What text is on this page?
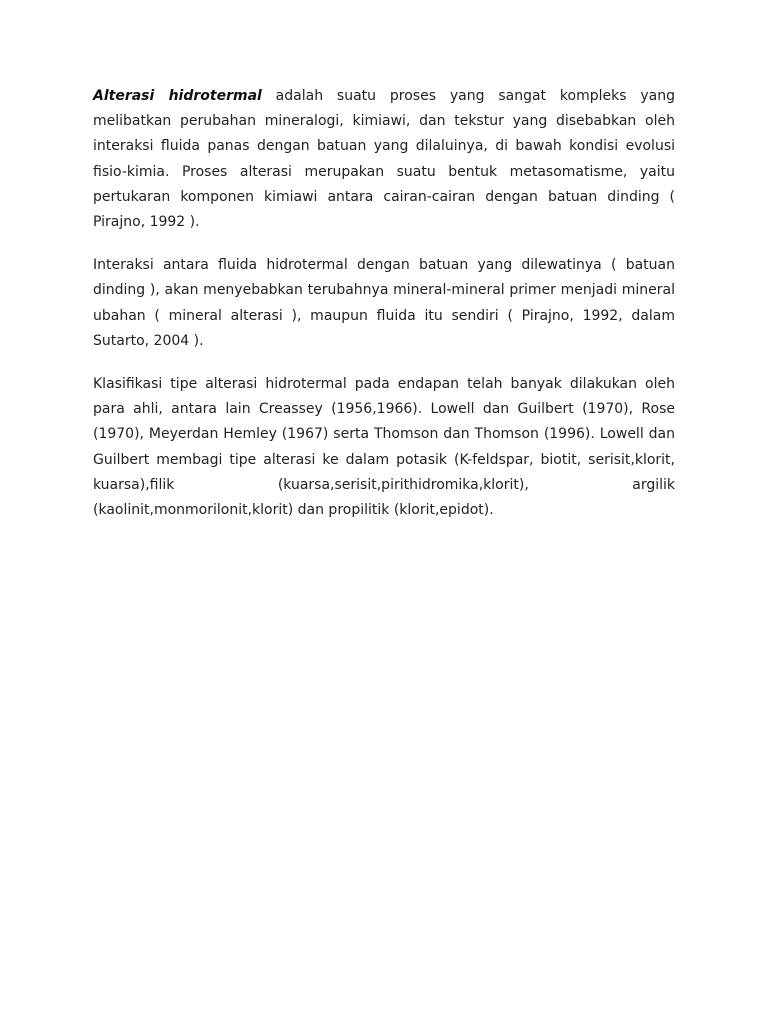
Alterasi hidrotermal adalah suatu proses yang sangat kompleks yang melibatkan perubahan mineralogi, kimiawi, dan tekstur yang disebabkan oleh interaksi fluida panas dengan batuan yang dilaluinya, di bawah kondisi evolusi fisio-kimia. Proses alterasi merupakan suatu bentuk metasomatisme, yaitu pertukaran komponen kimiawi antara cairan-cairan dengan batuan dinding ( Pirajno, 1992 ).

Interaksi antara fluida hidrotermal dengan batuan yang dilewatinya ( batuan dinding ), akan menyebabkan terubahnya mineral-mineral primer menjadi mineral ubahan ( mineral alterasi ), maupun fluida itu sendiri ( Pirajno, 1992, dalam Sutarto, 2004 ).

Klasifikasi tipe alterasi hidrotermal pada endapan telah banyak dilakukan oleh para ahli, antara lain Creassey (1956,1966). Lowell dan Guilbert (1970), Rose (1970), Meyerdan Hemley (1967) serta Thomson dan Thomson (1996). Lowell dan Guilbert membagi tipe alterasi ke dalam potasik (K-feldspar, biotit, serisit,klorit, kuarsa),filik (kuarsa,serisit,pirithidromika,klorit), argilik (kaolinit,monmorilonit,klorit) dan propilitik (klorit,epidot).
